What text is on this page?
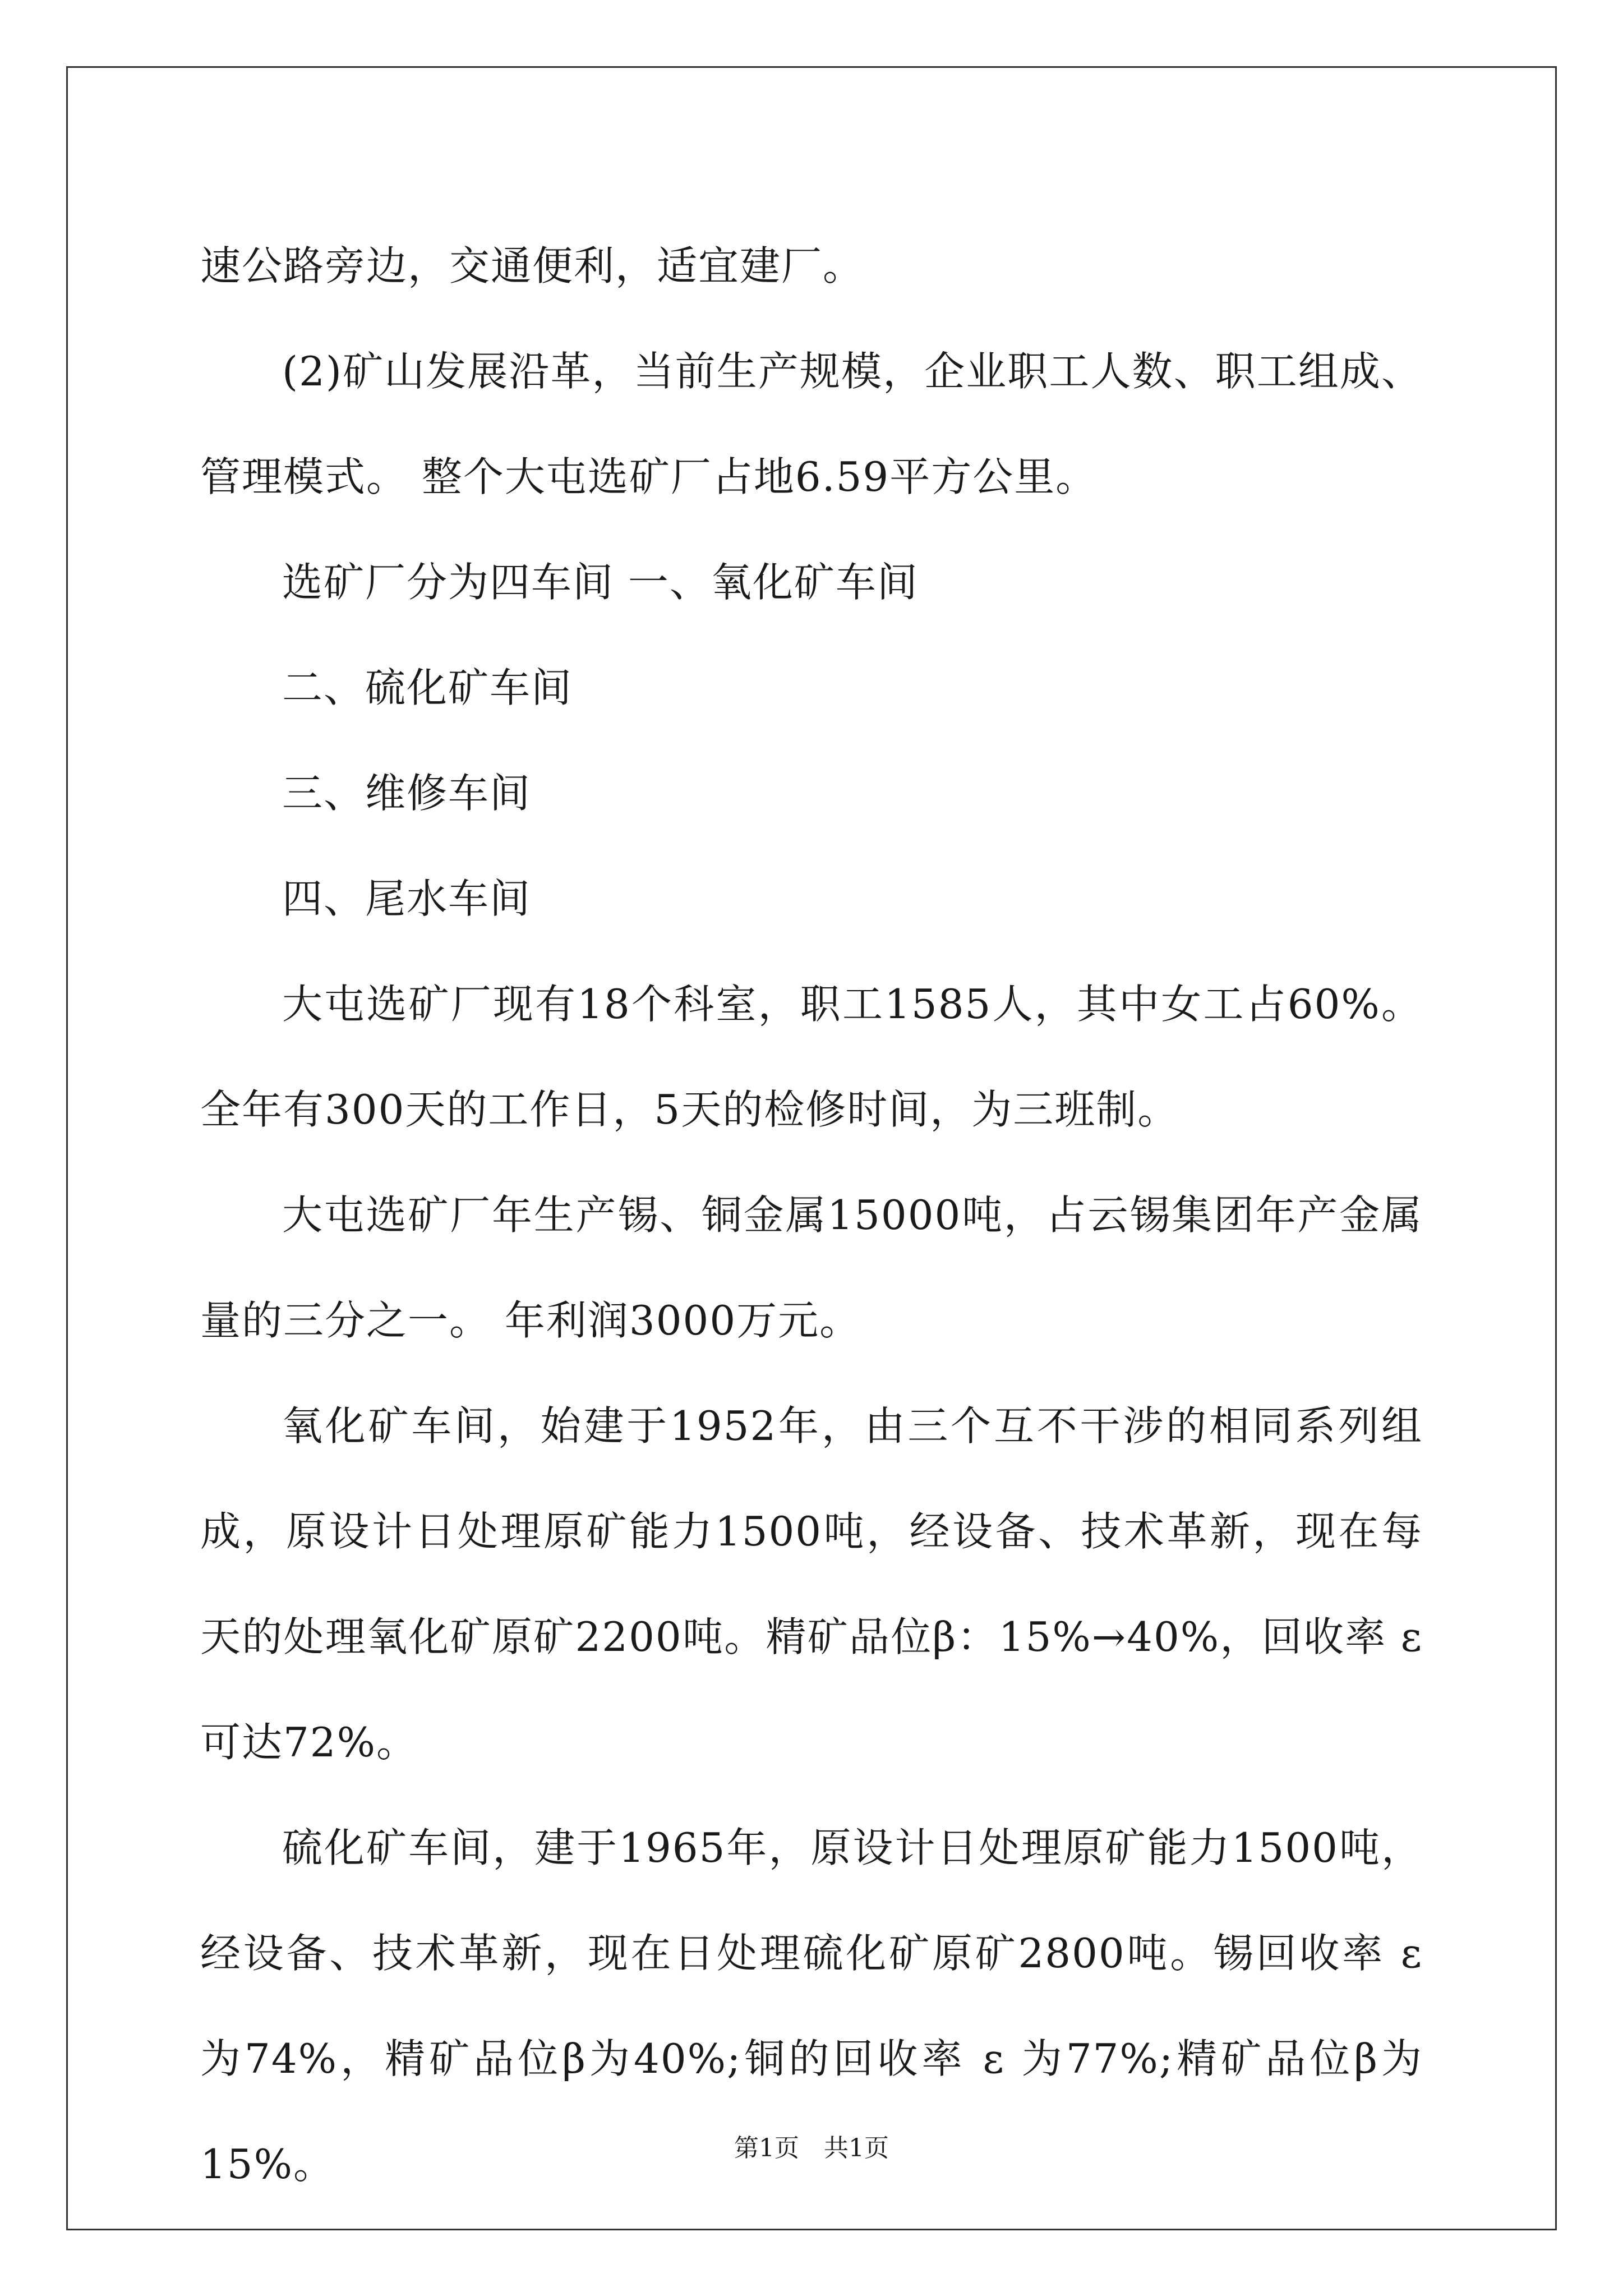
速公路旁边，交通便利，适宜建厂。

(2)矿山发展沿革，当前生产规模，企业职工人数、职工组成、管理模式。 整个大屯选矿厂占地6.59平方公里。

选矿厂分为四车间 一、氧化矿车间

二、硫化矿车间

三、维修车间

四、尾水车间

大屯选矿厂现有18个科室，职工1585人，其中女工占60%。全年有300天的工作日，5天的检修时间，为三班制。

大屯选矿厂年生产锡、铜金属15000吨，占云锡集团年产金属量的三分之一。 年利润3000万元。

氧化矿车间，始建于1952年，由三个互不干涉的相同系列组成，原设计日处理原矿能力1500吨，经设备、技术革新，现在每天的处理氧化矿原矿2200吨。精矿品位β：15%→40%，回收率 ε 可达72%。

硫化矿车间，建于1965年，原设计日处理原矿能力1500吨，经设备、技术革新，现在日处理硫化矿原矿2800吨。锡回收率 ε 为74%，精矿品位β为40%;铜的回收率 ε 为77%;精矿品位β为15%。	第1页　共1页
